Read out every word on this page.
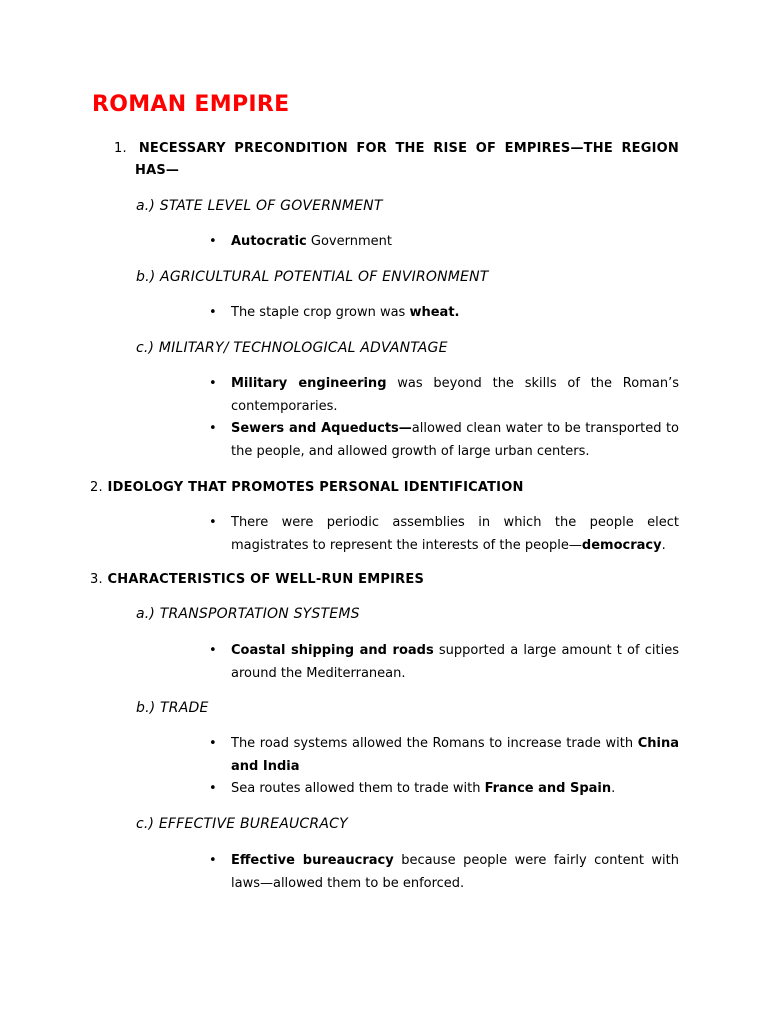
ROMAN EMPIRE
1. NECESSARY PRECONDITION FOR THE RISE OF EMPIRES—THE REGION
HAS—
a.) STATE LEVEL OF GOVERNMENT
• Autocratic Government
b.) AGRICULTURAL POTENTIAL OF ENVIRONMENT
• The staple crop grown was wheat.
c.) MILITARY/ TECHNOLOGICAL ADVANTAGE
• Military engineering was beyond the skills of the Roman’s contemporaries.
• Sewers and Aqueducts—allowed clean water to be transported to the people, and allowed growth of large urban centers.
2. IDEOLOGY THAT PROMOTES PERSONAL IDENTIFICATION
• There were periodic assemblies in which the people elect magistrates to represent the interests of the people—democracy.
3. CHARACTERISTICS OF WELL-RUN EMPIRES
a.) TRANSPORTATION SYSTEMS
• Coastal shipping and roads supported a large amount t of cities around the Mediterranean.
b.) TRADE
• The road systems allowed the Romans to increase trade with China and India
• Sea routes allowed them to trade with France and Spain.
c.) EFFECTIVE BUREAUCRACY
• Effective bureaucracy because people were fairly content with laws—allowed them to be enforced.
